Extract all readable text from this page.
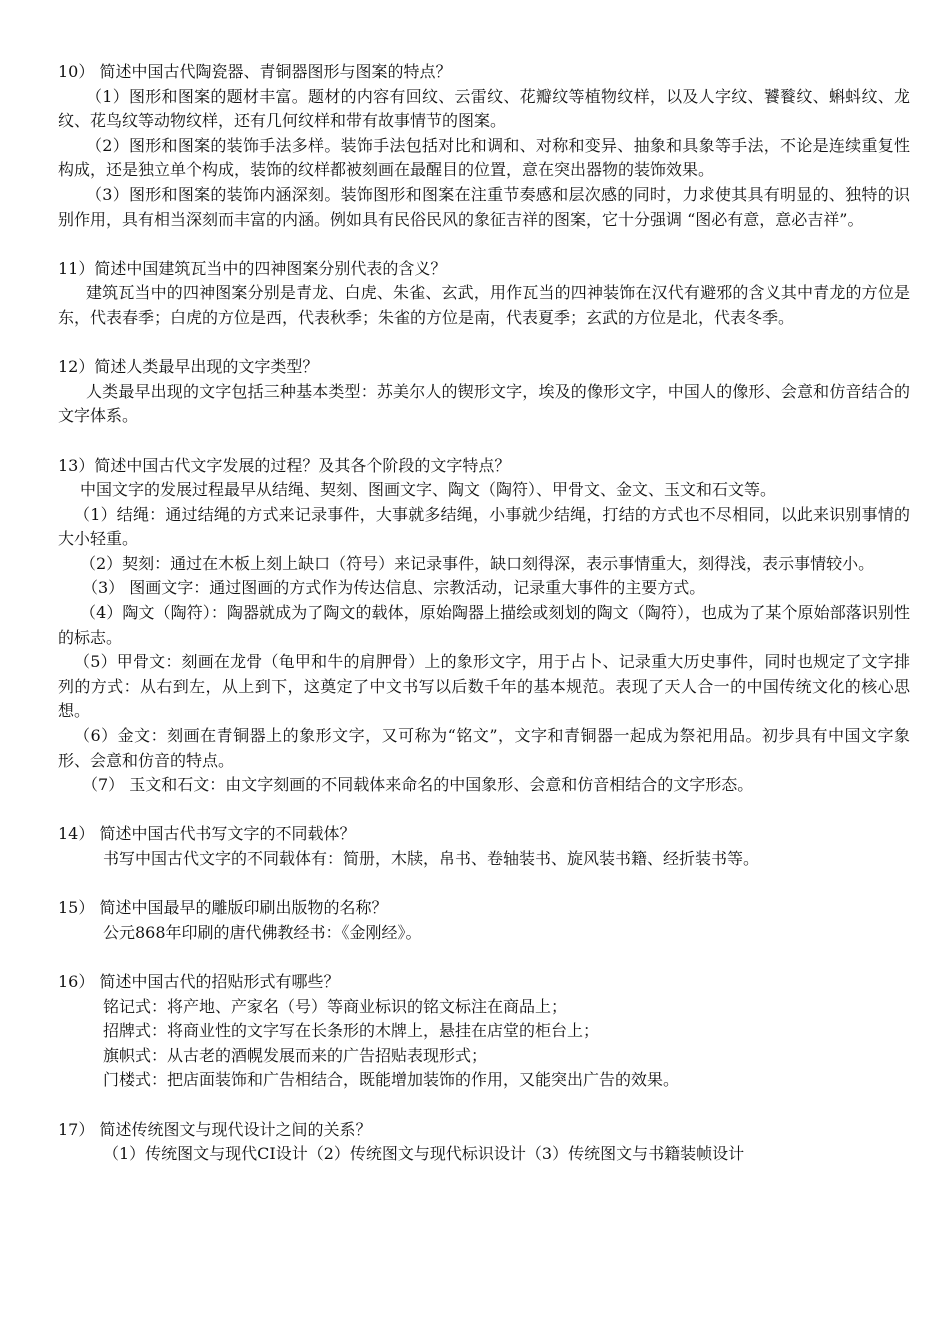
10） 简述中国古代陶瓷器、青铜器图形与图案的特点？

（1）图形和图案的题材丰富。题材的内容有回纹、云雷纹、花瓣纹等植物纹样，以及人字纹、饕餮纹、蝌蚪纹、龙纹、花鸟纹等动物纹样，还有几何纹样和带有故事情节的图案。

（2）图形和图案的装饰手法多样。装饰手法包括对比和调和、对称和变异、抽象和具象等手法，不论是连续重复性构成，还是独立单个构成，装饰的纹样都被刻画在最醒目的位置，意在突出器物的装饰效果。

（3）图形和图案的装饰内涵深刻。装饰图形和图案在注重节奏感和层次感的同时，力求使其具有明显的、独特的识别作用，具有相当深刻而丰富的内涵。例如具有民俗民风的象征吉祥的图案，它十分强调 “图必有意，意必吉祥”。

11）简述中国建筑瓦当中的四神图案分别代表的含义？

建筑瓦当中的四神图案分别是青龙、白虎、朱雀、玄武，用作瓦当的四神装饰在汉代有避邪的含义其中青龙的方位是东，代表春季；白虎的方位是西，代表秋季；朱雀的方位是南，代表夏季；玄武的方位是北，代表冬季。

12）简述人类最早出现的文字类型？

人类最早出现的文字包括三种基本类型：苏美尔人的锲形文字，埃及的像形文字，中国人的像形、会意和仿音结合的文字体系。

13）简述中国古代文字发展的过程？及其各个阶段的文字特点？

中国文字的发展过程最早从结绳、契刻、图画文字、陶文（陶符）、甲骨文、金文、玉文和石文等。

（1）结绳：通过结绳的方式来记录事件，大事就多结绳，小事就少结绳，打结的方式也不尽相同，以此来识别事情的大小轻重。

（2）契刻：通过在木板上刻上缺口（符号）来记录事件，缺口刻得深，表示事情重大，刻得浅，表示事情较小。

（3） 图画文字：通过图画的方式作为传达信息、宗教活动，记录重大事件的主要方式。

（4）陶文（陶符）：陶器就成为了陶文的载体，原始陶器上描绘或刻划的陶文（陶符），也成为了某个原始部落识别性的标志。

（5）甲骨文：刻画在龙骨（龟甲和牛的肩胛骨）上的象形文字，用于占卜、记录重大历史事件，同时也规定了文字排列的方式：从右到左，从上到下，这奠定了中文书写以后数千年的基本规范。表现了天人合一的中国传统文化的核心思想。

（6）金文：刻画在青铜器上的象形文字，又可称为“铭文”，文字和青铜器一起成为祭祀用品。初步具有中国文字象形、会意和仿音的特点。

（7） 玉文和石文：由文字刻画的不同载体来命名的中国象形、会意和仿音相结合的文字形态。

14） 简述中国古代书写文字的不同载体？

书写中国古代文字的不同载体有：简册，木牍，帛书、卷轴装书、旋风装书籍、经折装书等。

15） 简述中国最早的雕版印刷出版物的名称？

公元868年印刷的唐代佛教经书：《金刚经》。

16） 简述中国古代的招贴形式有哪些？

铭记式：将产地、产家名（号）等商业标识的铭文标注在商品上；

招牌式：将商业性的文字写在长条形的木牌上，悬挂在店堂的柜台上；

旗帜式：从古老的酒幌发展而来的广告招贴表现形式；

门楼式：把店面装饰和广告相结合，既能增加装饰的作用，又能突出广告的效果。

17） 简述传统图文与现代设计之间的关系？

（1）传统图文与现代CI设计（2）传统图文与现代标识设计（3）传统图文与书籍装帧设计
